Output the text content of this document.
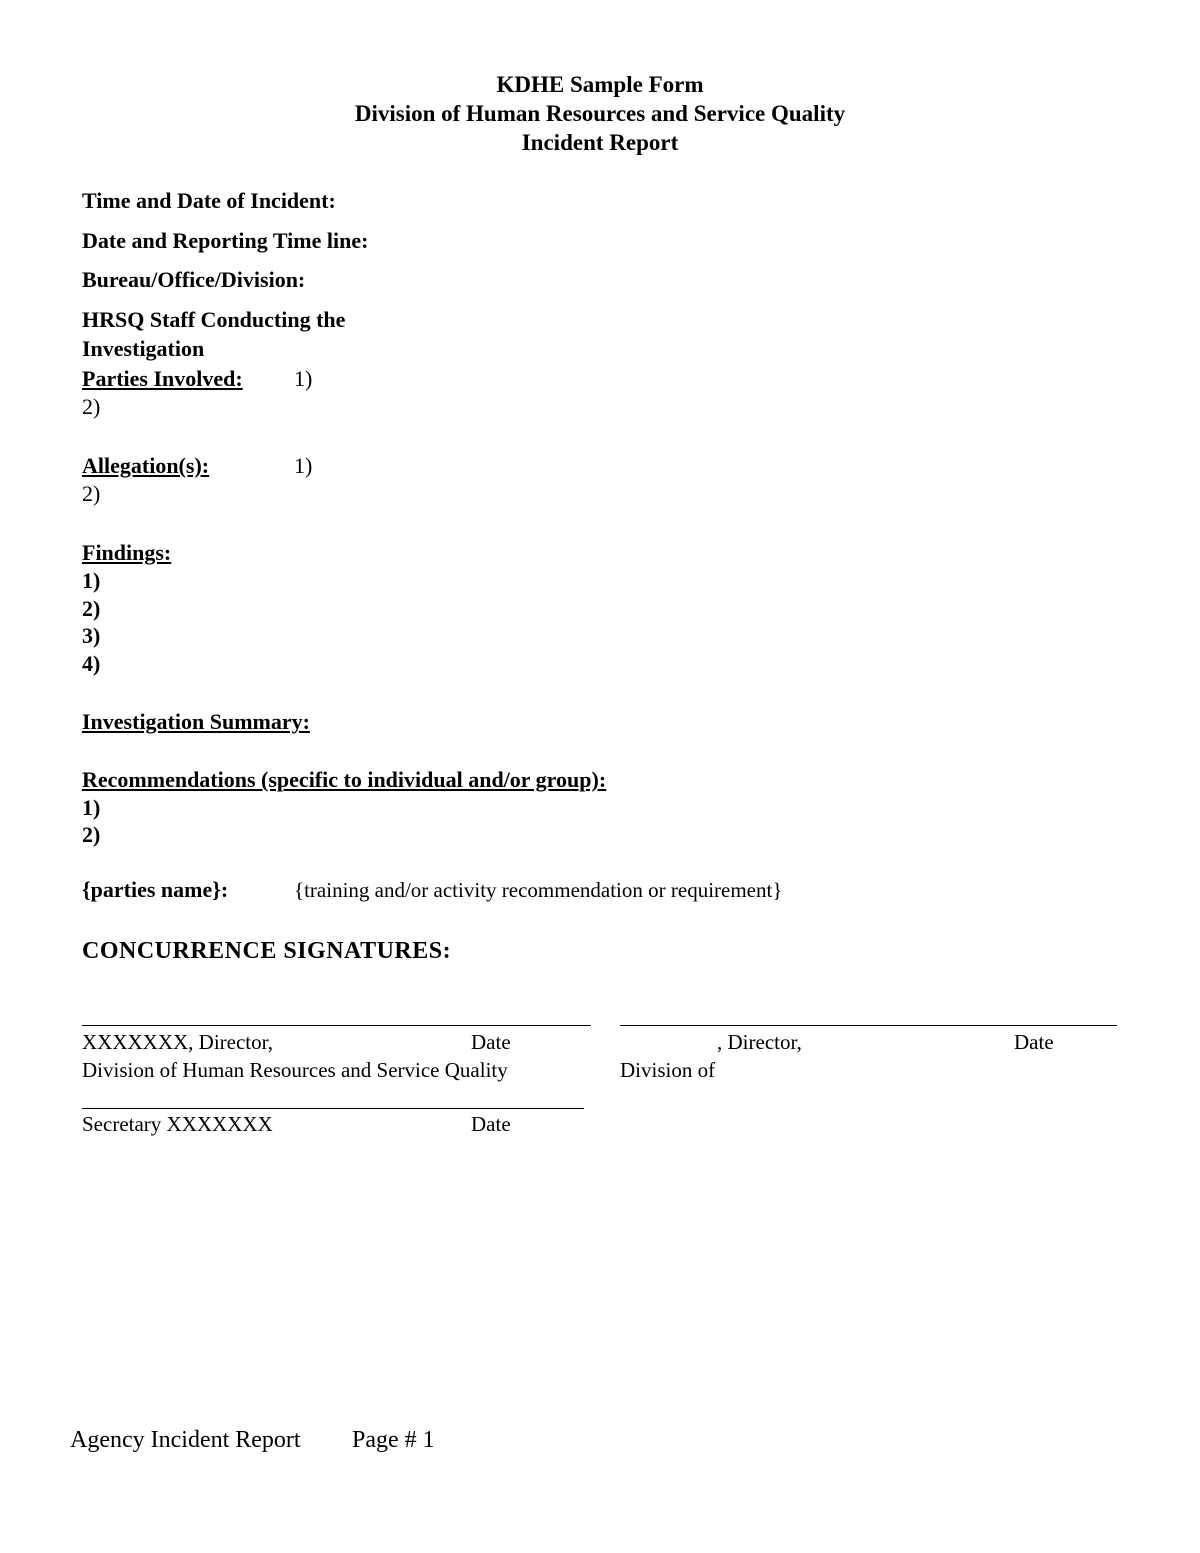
KDHE Sample Form
Division of Human Resources and Service Quality
Incident Report
Time and Date of Incident:
Date and Reporting Time line:
Bureau/Office/Division:
HRSQ Staff Conducting the
Investigation
Parties Involved: 1)
2)
Allegation(s):	1)
2)
Findings:
1)
2)
3)
4)
Investigation Summary:
Recommendations (specific to individual and/or group):
1)
2)
{parties name}:	{training and/or activity recommendation or requirement}
CONCURRENCE SIGNATURES:
XXXXXXX, Director,	Date
Division of Human Resources and Service Quality
, Director,	Date
Division of
Secretary XXXXXXX	Date
Agency Incident Report Page # 1
